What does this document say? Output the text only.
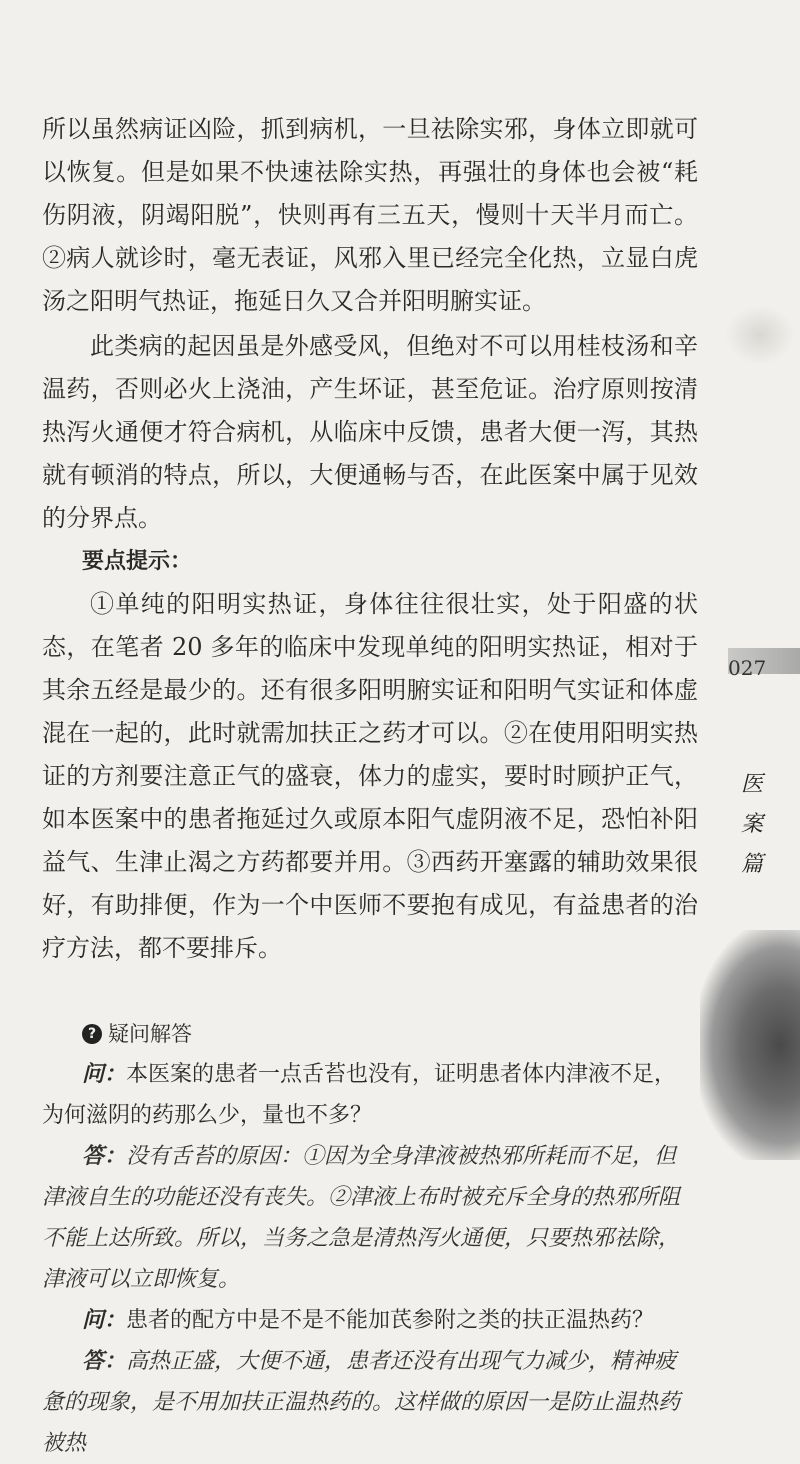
所以虽然病证凶险，抓到病机，一旦祛除实邪，身体立即就可以恢复。但是如果不快速祛除实热，再强壮的身体也会被“耗伤阴液，阴竭阳脱”，快则再有三五天，慢则十天半月而亡。②病人就诊时，毫无表证，风邪入里已经完全化热，立显白虎汤之阳明气热证，拖延日久又合并阳明腑实证。

此类病的起因虽是外感受风，但绝对不可以用桂枝汤和辛温药，否则必火上浇油，产生坏证，甚至危证。治疗原则按清热泻火通便才符合病机，从临床中反馈，患者大便一泻，其热就有顿消的特点，所以，大便通畅与否，在此医案中属于见效的分界点。

要点提示：

①单纯的阳明实热证，身体往往很壮实，处于阳盛的状态，在笔者 20 多年的临床中发现单纯的阳明实热证，相对于其余五经是最少的。还有很多阳明腑实证和阳明气实证和体虚混在一起的，此时就需加扶正之药才可以。②在使用阳明实热证的方剂要注意正气的盛衰，体力的虚实，要时时顾护正气，如本医案中的患者拖延过久或原本阳气虚阴液不足，恐怕补阳益气、生津止渴之方药都要并用。③西药开塞露的辅助效果很好，有助排便，作为一个中医师不要抱有成见，有益患者的治疗方法，都不要排斥。

? 疑问解答

问：本医案的患者一点舌苔也没有，证明患者体内津液不足，为何滋阴的药那么少，量也不多？

答：没有舌苔的原因：①因为全身津液被热邪所耗而不足，但津液自生的功能还没有丧失。②津液上布时被充斥全身的热邪所阻不能上达所致。所以，当务之急是清热泻火通便，只要热邪祛除，津液可以立即恢复。

问：患者的配方中是不是不能加芪参附之类的扶正温热药？

答：高热正盛，大便不通，患者还没有出现气力减少，精神疲惫的现象，是不用加扶正温热药的。这样做的原因一是防止温热药被热

027
医
案
篇
